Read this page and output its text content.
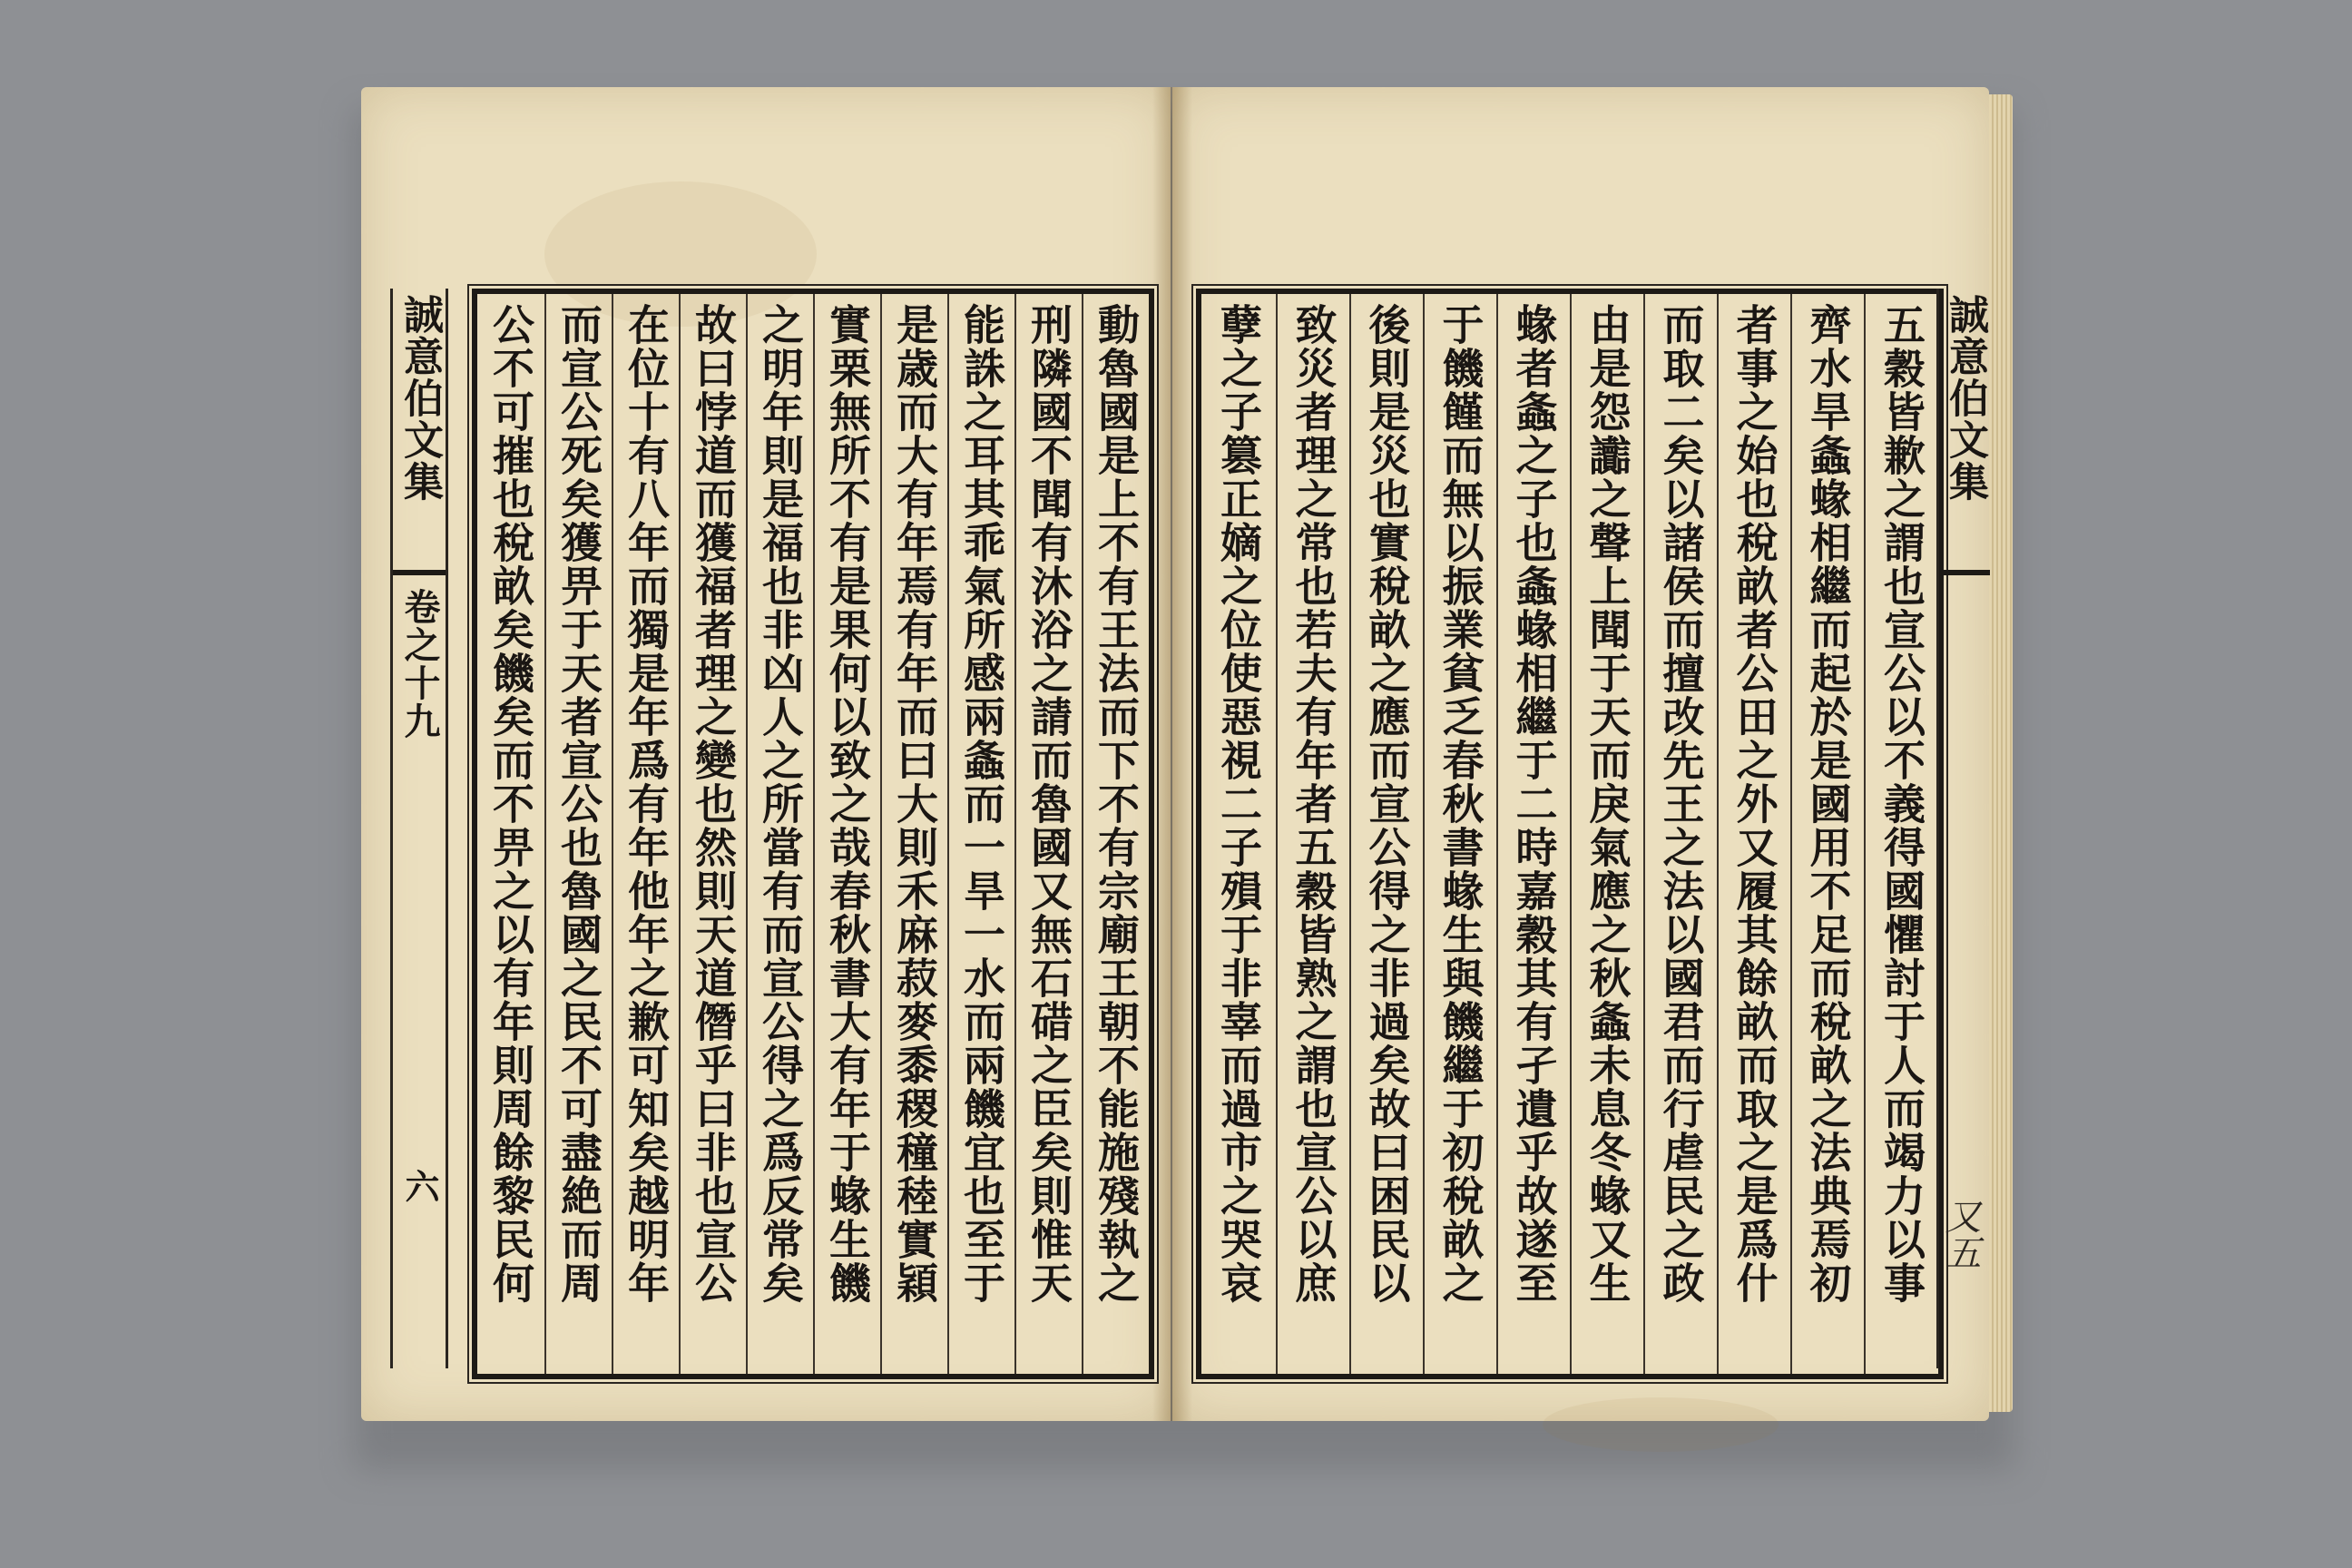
誠意伯文集
卷之十九
六	動魯國是上不有王法而下不有宗廟王朝不能施殘執之
刑隣國不聞有沐浴之請而魯國又無石碏之臣矣則惟天
能誅之耳其乖氣所感兩螽而一旱一水而兩饑宜也至于
是歳而大有年焉有年而曰大則禾麻菽麥黍稷穜稑實穎
實栗無所不有是果何以致之哉春秋書大有年于蝝生饑
之明年則是福也非凶人之所當有而宣公得之爲反常矣
故曰悖道而獲福者理之變也然則天道僭乎曰非也宣公
在位十有八年而獨是年爲有年他年之歉可知矣越明年
而宣公死矣獲畀于天者宣公也魯國之民不可盡絶而周
公不可摧也稅畝矣饑矣而不畀之以有年則周餘黎民何	五穀皆歉之謂也宣公以不義得國懼討于人而竭力以事
齊水旱螽蝝相繼而起於是國用不足而稅畝之法典焉初
者事之始也稅畝者公田之外又履其餘畝而取之是爲什
而取二矣以諸侯而擅改先王之法以國君而行虐民之政
由是怨讟之聲上聞于天而戾氣應之秋螽未息冬蝝又生
蝝者螽之子也螽蝝相繼于二時嘉穀其有孑遺乎故遂至
于饑饉而無以振業貧乏春秋書蝝生與饑繼于初稅畝之
後則是災也實稅畝之應而宣公得之非過矣故曰困民以
致災者理之常也若夫有年者五穀皆熟之謂也宣公以庶
孽之子篡正嫡之位使惡視二子殞于非辜而過市之哭哀	誠意伯文集
又五
